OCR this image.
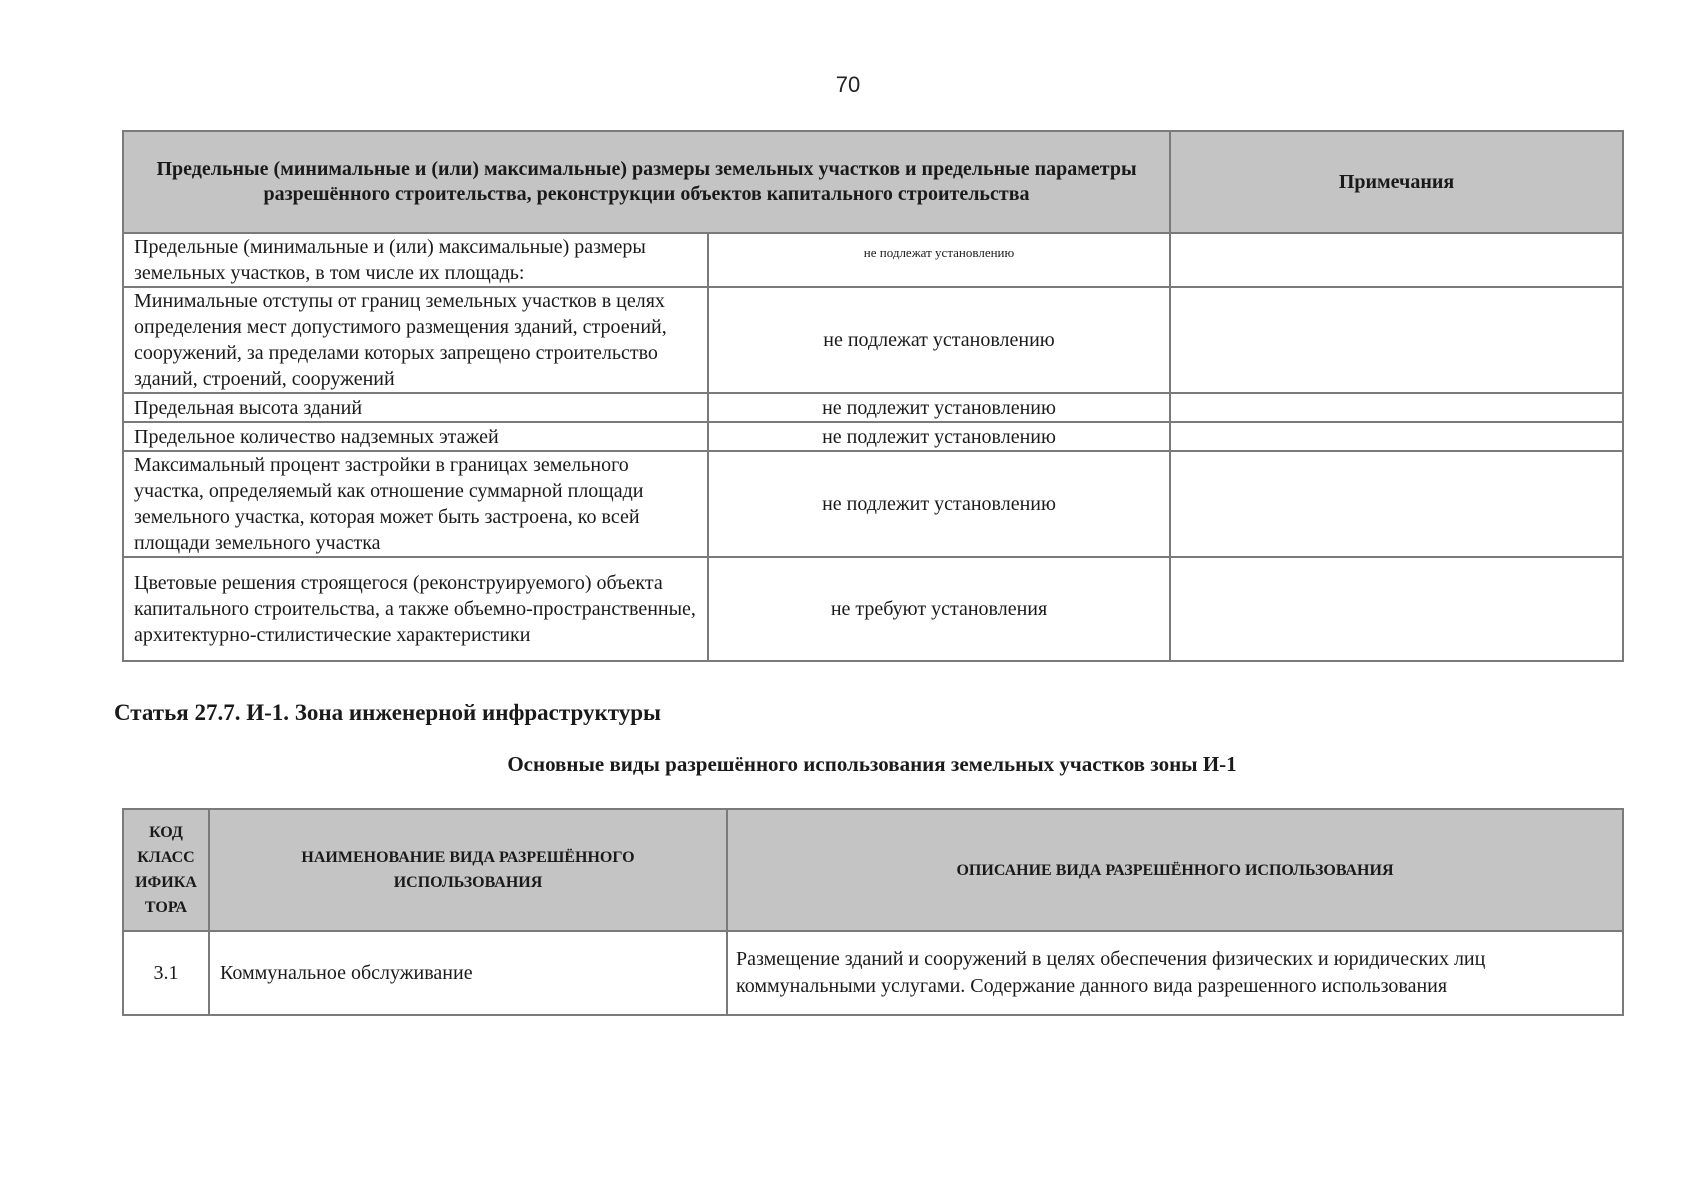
70
Предельные (минимальные и (или) максимальные) размеры земельных участков и предельные параметры разрешённого строительства, реконструкции объектов капитального строительства		Примечания
Предельные (минимальные и (или) максимальные) размеры земельных участков, в том числе их площадь:	не подлежат установлению	
Минимальные отступы от границ земельных участков в целях определения мест допустимого размещения зданий, строений, сооружений, за пределами которых запрещено строительство зданий, строений, сооружений	не подлежат установлению	
Предельная высота зданий	не подлежит установлению	
Предельное количество надземных этажей	не подлежит установлению	
Максимальный процент застройки в границах земельного участка, определяемый как отношение суммарной площади земельного участка, которая может быть застроена, ко всей площади земельного участка	не подлежит установлению	
Цветовые решения строящегося (реконструируемого) объекта капитального строительства, а также объемно-пространственные, архитектурно-стилистические характеристики	не требуют установления	
Статья 27.7. И-1. Зона инженерной инфраструктуры
Основные виды разрешённого использования земельных участков зоны И-1
КОД КЛАСС ИФИКА ТОРА	НАИМЕНОВАНИЕ ВИДА РАЗРЕШЁННОГО ИСПОЛЬЗОВАНИЯ	ОПИСАНИЕ ВИДА РАЗРЕШЁННОГО ИСПОЛЬЗОВАНИЯ
3.1	Коммунальное обслуживание	Размещение зданий и сооружений в целях обеспечения физических и юридических лиц коммунальными услугами. Содержание данного вида разрешенного использования
